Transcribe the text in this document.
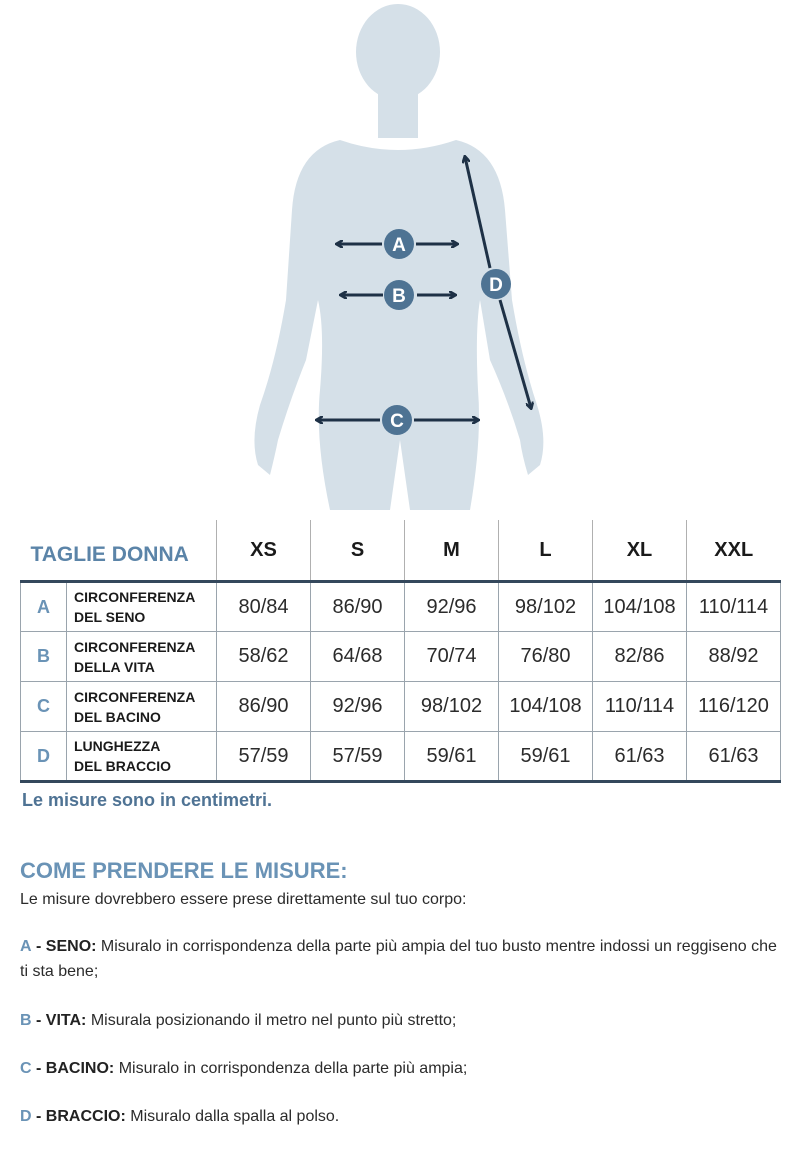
A
B
C
D
TAGLIE DONNA		XS	S	M	L	XL	XXL
A	CIRCONFERENZA
DEL SENO	80/84	86/90	92/96	98/102	104/108	110/114
B	CIRCONFERENZA
DELLA VITA	58/62	64/68	70/74	76/80	82/86	88/92
C	CIRCONFERENZA
DEL BACINO	86/90	92/96	98/102	104/108	110/114	116/120
D	LUNGHEZZA
DEL BRACCIO	57/59	57/59	59/61	59/61	61/63	61/63
Le misure sono in centimetri.

COME PRENDERE LE MISURE:

Le misure dovrebbero essere prese direttamente sul tuo corpo:

A - SENO: Misuralo in corrispondenza della parte più ampia del tuo busto mentre indossi un reggiseno che ti sta bene;

B - VITA: Misurala posizionando il metro nel punto più stretto;

C - BACINO: Misuralo in corrispondenza della parte più ampia;

D - BRACCIO: Misuralo dalla spalla al polso.
